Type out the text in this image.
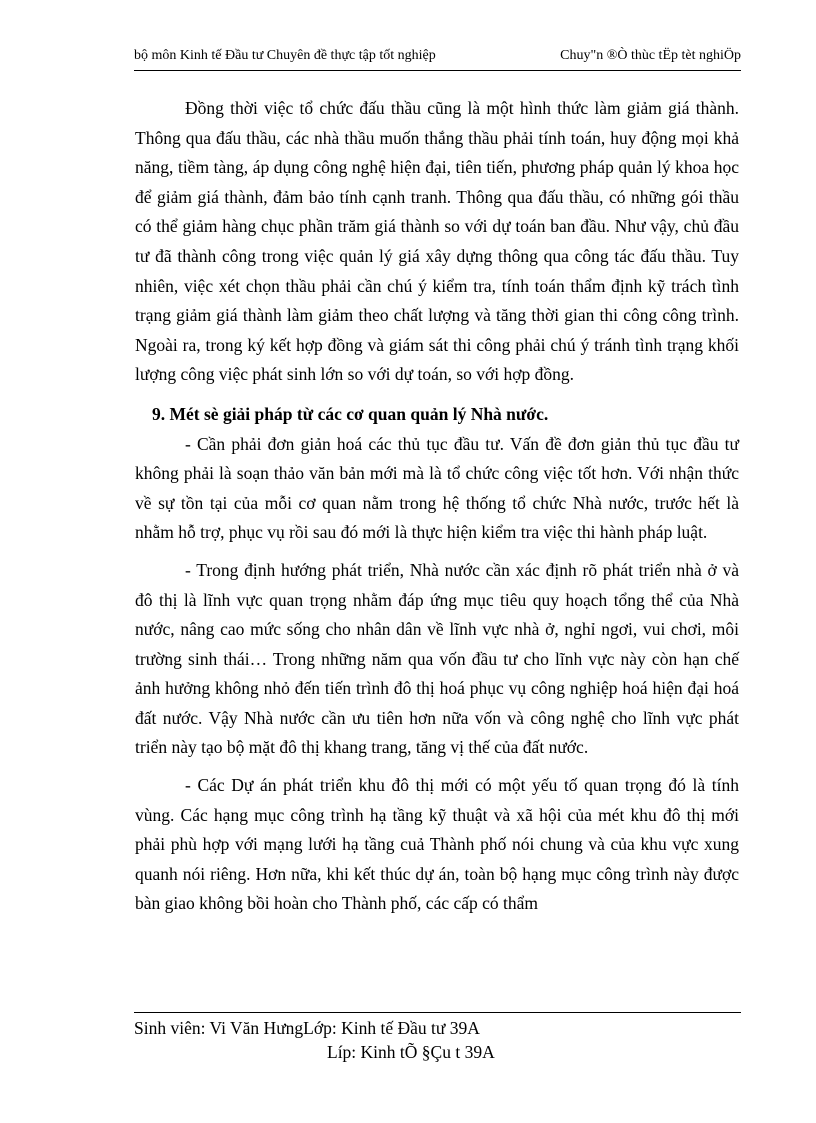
bộ môn Kinh tế Đầu tư Chuyên đề thực tập tốt nghiệp	Chuy"n ®Ò thùc tËp tèt nghiÖp

Đồng thời việc tổ chức đấu thầu cũng là một hình thức làm giảm giá thành. Thông qua đấu thầu, các nhà thầu muốn thắng thầu phải tính toán, huy động mọi khả năng, tiềm tàng, áp dụng công nghệ hiện đại, tiên tiến, phương pháp quản lý khoa học để giảm giá thành, đảm bảo tính cạnh tranh. Thông qua đấu thầu, có những gói thầu có thể giảm hàng chục phần trăm giá thành so với dự toán ban đầu. Như vậy, chủ đầu tư đã thành công trong việc quản lý giá xây dựng thông qua công tác đấu thầu. Tuy nhiên, việc xét chọn thầu phải cần chú ý kiểm tra, tính toán thẩm định kỹ trách tình trạng giảm giá thành làm giảm theo chất lượng và tăng thời gian thi công công trình. Ngoài ra, trong ký kết hợp đồng và giám sát thi công phải chú ý tránh tình trạng khối lượng công việc phát sinh lớn so với dự toán, so với hợp đồng.

9. Mét sè giải pháp từ các cơ quan quản lý Nhà nước.

- Cần phải đơn giản hoá các thủ tục đầu tư. Vấn đề đơn giản thủ tục đầu tư không phải là soạn thảo văn bản mới mà là tổ chức công việc tốt hơn. Với nhận thức về sự tồn tại của mỗi cơ quan nằm trong hệ thống tổ chức Nhà nước, trước hết là nhằm hỗ trợ, phục vụ rồi sau đó mới là thực hiện kiểm tra việc thi hành pháp luật.

- Trong định hướng phát triển, Nhà nước cần xác định rõ phát triển nhà ở và đô thị là lĩnh vực quan trọng nhằm đáp ứng mục tiêu quy hoạch tổng thể của Nhà nước, nâng cao mức sống cho nhân dân về lĩnh vực nhà ở, nghỉ ngơi, vui chơi, môi trường sinh thái… Trong những năm qua vốn đầu tư cho lĩnh vực này còn hạn chế ảnh hưởng không nhỏ đến tiến trình đô thị hoá phục vụ công nghiệp hoá hiện đại hoá đất nước. Vậy Nhà nước cần ưu tiên hơn nữa vốn và công nghệ cho lĩnh vực phát triển này tạo bộ mặt đô thị khang trang, tăng vị thế của đất nước.

- Các Dự án phát triển khu đô thị mới có một yếu tố quan trọng đó là tính vùng. Các hạng mục công trình hạ tầng kỹ thuật và xã hội của mét khu đô thị mới phải phù hợp với mạng lưới hạ tầng cuả Thành phố nói chung và của khu vực xung quanh nói riêng. Hơn nữa, khi kết thúc dự án, toàn bộ hạng mục công trình này được bàn giao không bồi hoàn cho Thành phố, các cấp có thẩm

Sinh viên: Vi Văn HưngLớp: Kinh tế Đầu tư 39A
Líp: Kinh tÕ §Çu t 39A
